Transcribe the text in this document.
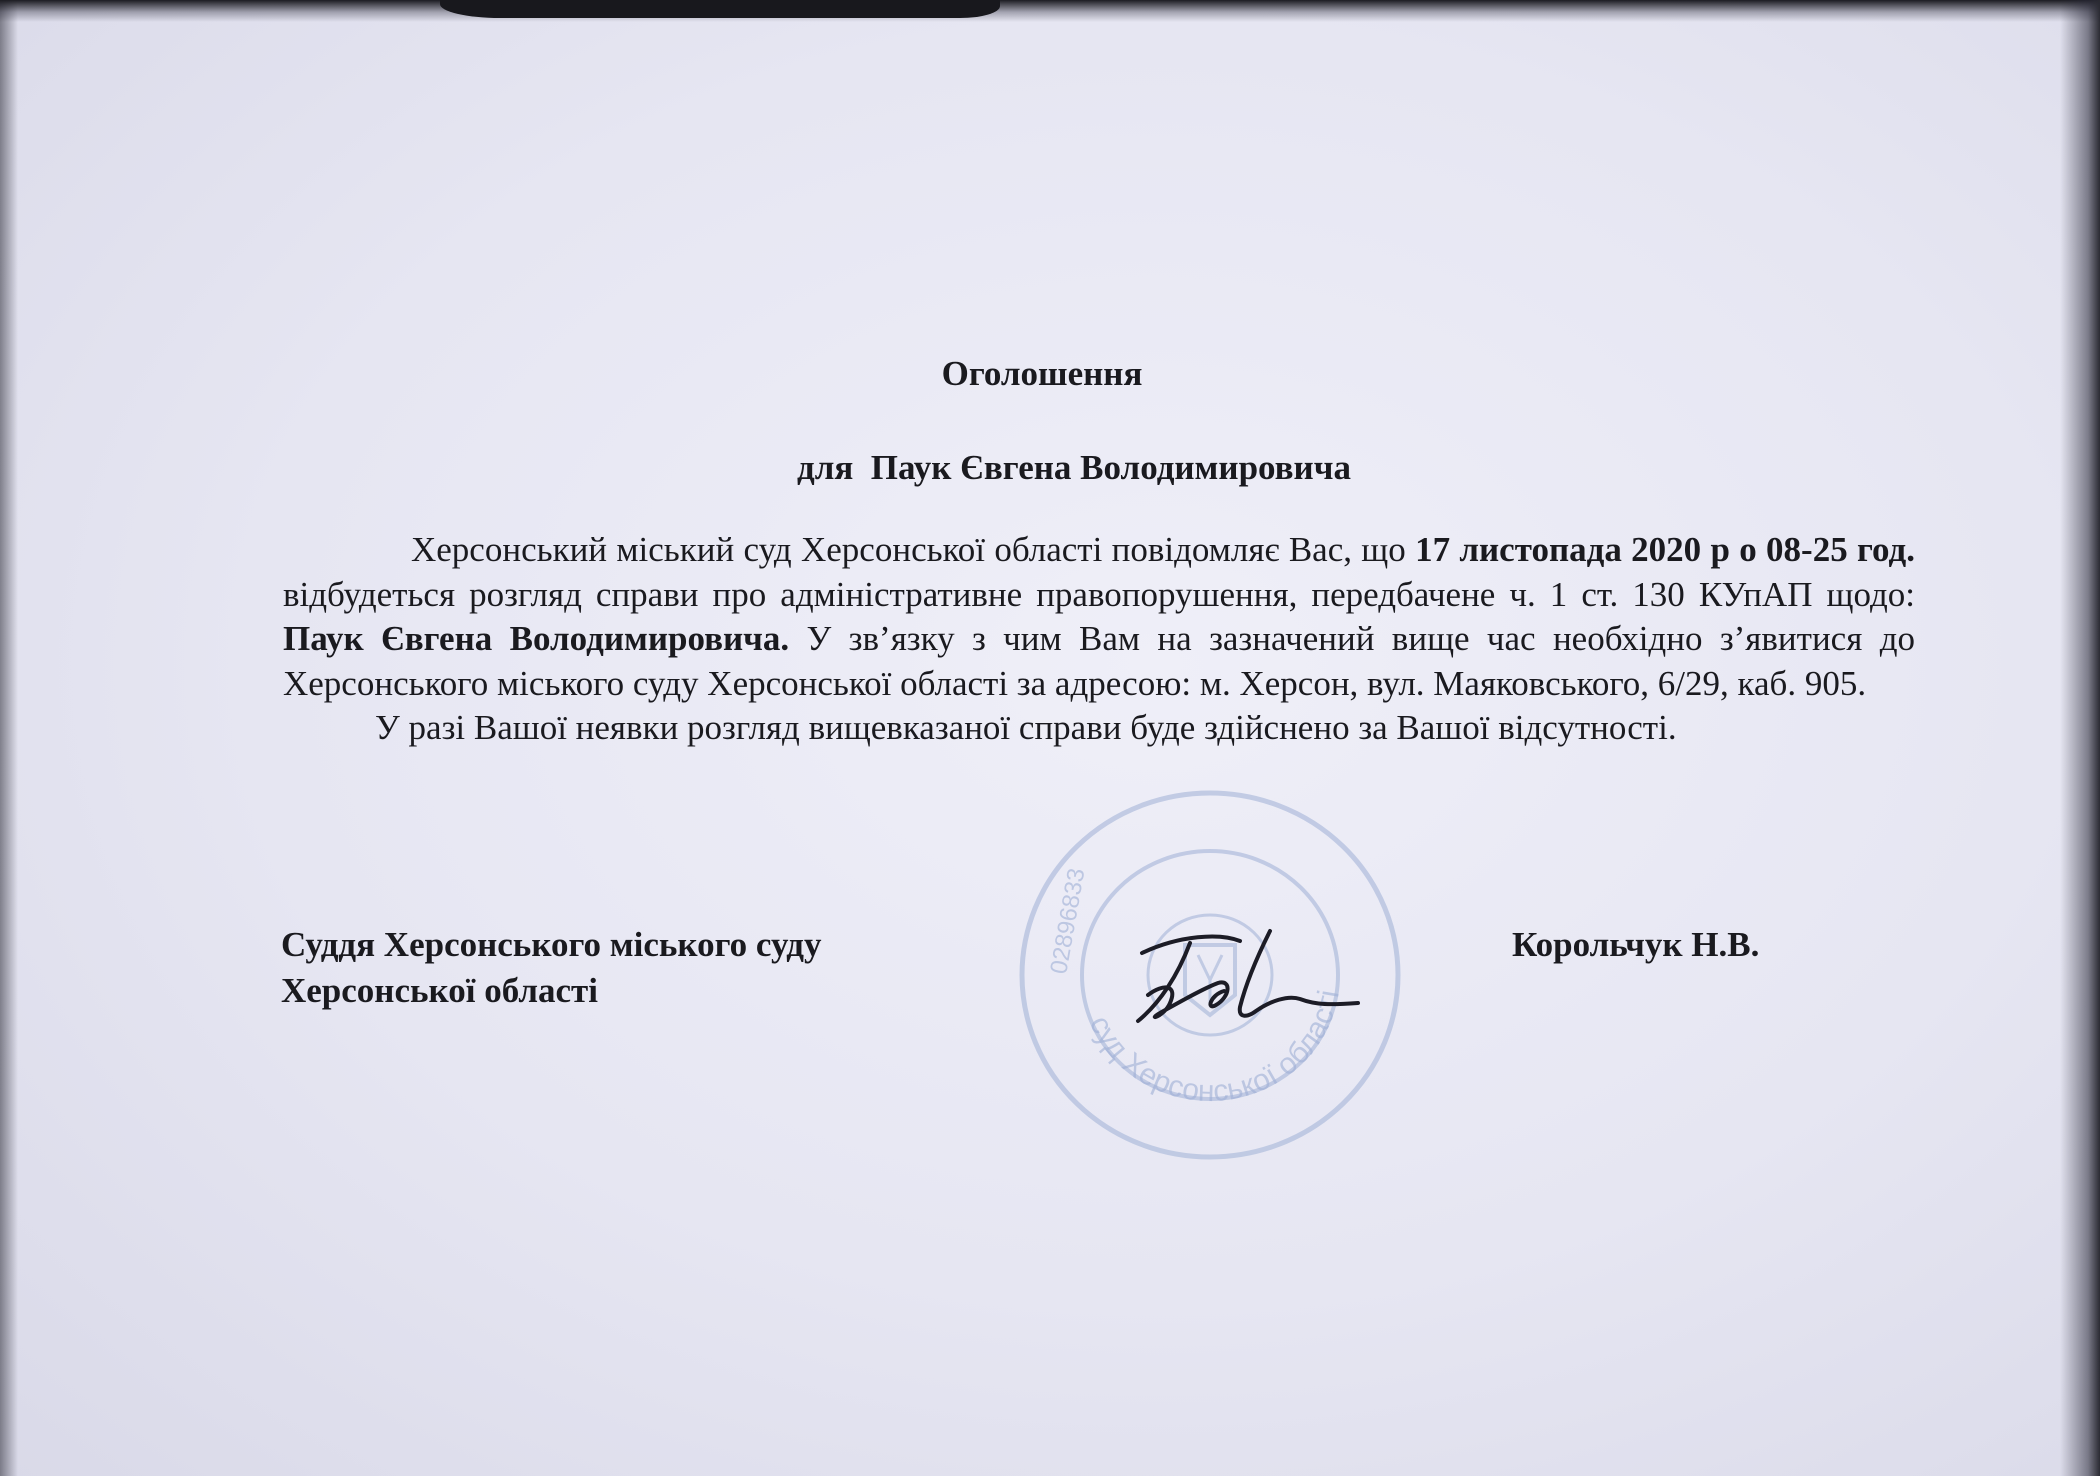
Оголошення
для  Паук Євгена Володимировича

Херсонський міський суд Херсонської області повідомляє Вас, що 17 листопада 2020 р о 08-25 год. відбудеться розгляд справи про адміністративне правопорушення, передбачене ч. 1 ст. 130 КУпАП щодо: Паук Євгена Володимировича. У зв’язку з чим Вам на зазначений вище час необхідно з’явитися до Херсонського міського суду Херсонської області за адресою: м. Херсон, вул. Маяковського, 6/29, каб. 905.

У разі Вашої неявки розгляд вищевказаної справи буде здійснено за Вашої відсутності.

суд Херсонської області
02896833
Суддя Херсонського міського суду
Херсонської області
Корольчук Н.В.
